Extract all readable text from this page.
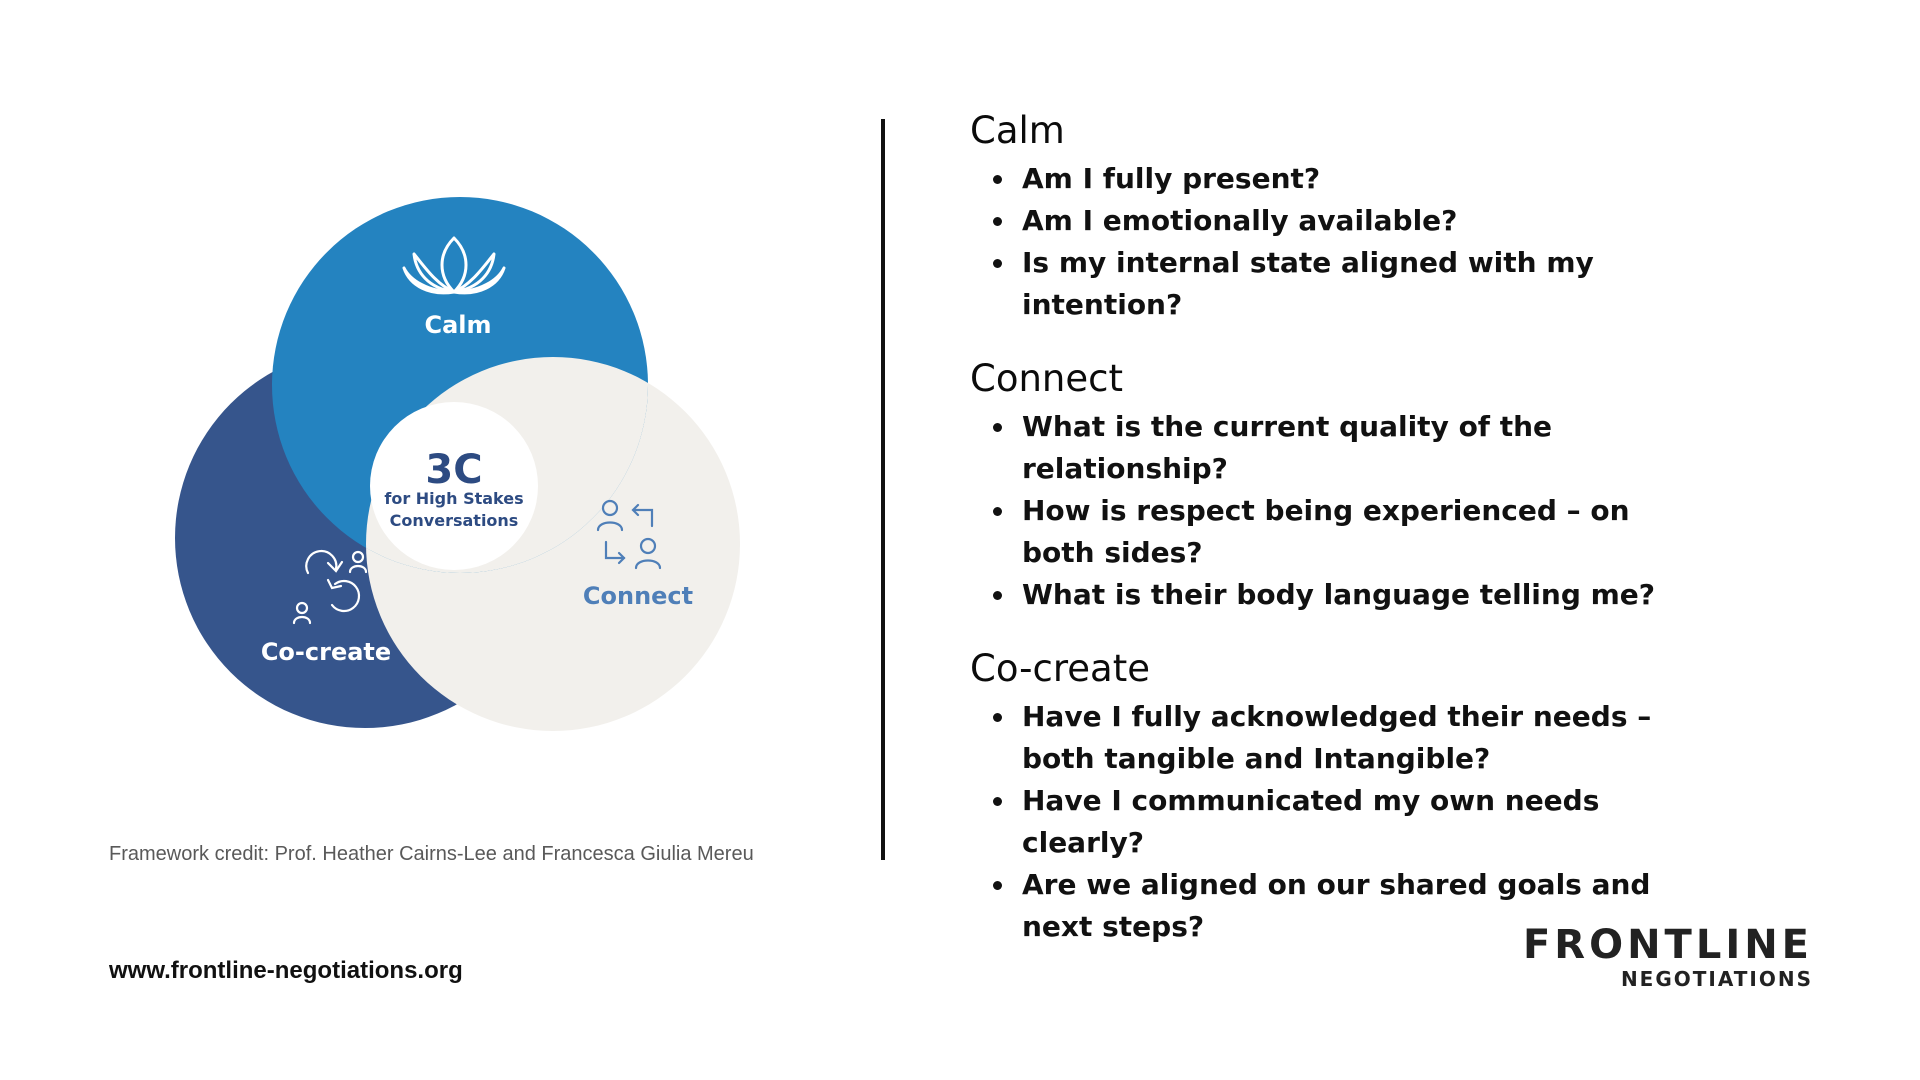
Calm
3C
for High Stakes
Conversations
Connect
Co-create
Framework credit: Prof. Heather Cairns-Lee and Francesca Giulia Mereu
www.frontline-negotiations.org
FRONTLINE
NEGOTIATIONS
Calm
Am I fully present?
Am I emotionally available?
Is my internal state aligned with my intention?
Connect
What is the current quality of the relationship?
How is respect being experienced – on both sides?
What is their body language telling me?
Co-create
Have I fully acknowledged their needs – both tangible and Intangible?
Have I communicated my own needs clearly?
Are we aligned on our shared goals and next steps?
